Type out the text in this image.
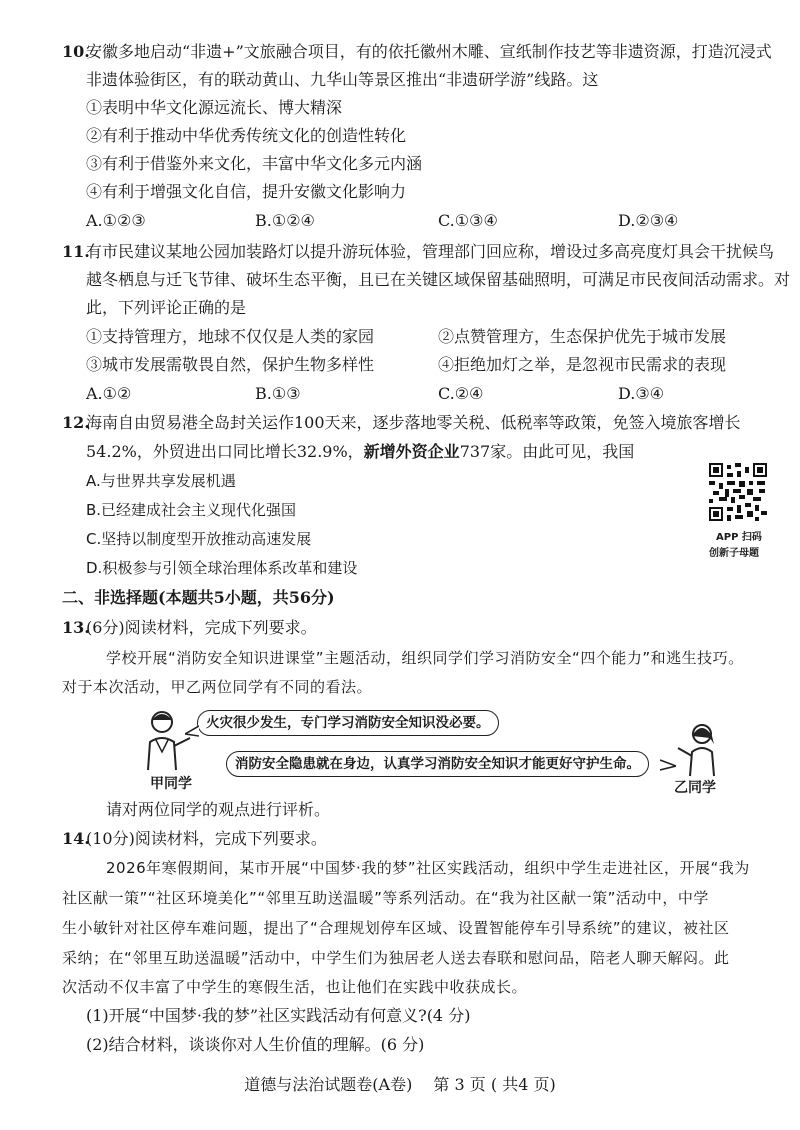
10.
安徽多地启动“非遗+”文旅融合项目，有的依托徽州木雕、宣纸制作技艺等非遗资源，打造沉浸式
非遗体验街区，有的联动黄山、九华山等景区推出“非遗研学游”线路。这
①表明中华文化源远流长、博大精深
②有利于推动中华优秀传统文化的创造性转化
③有利于借鉴外来文化，丰富中华文化多元内涵
④有利于增强文化自信，提升安徽文化影响力
A.①②③	B.①②④	C.①③④	D.②③④
11.
有市民建议某地公园加装路灯以提升游玩体验，管理部门回应称，增设过多高亮度灯具会干扰候鸟
越冬栖息与迁飞节律、破坏生态平衡，且已在关键区域保留基础照明，可满足市民夜间活动需求。对
此，下列评论正确的是
①支持管理方，地球不仅仅是人类的家园	②点赞管理方，生态保护优先于城市发展
③城市发展需敬畏自然，保护生物多样性	④拒绝加灯之举，是忽视市民需求的表现
A.①②	B.①③	C.②④	D.③④
12.
海南自由贸易港全岛封关运作100天来，逐步落地零关税、低税率等政策，免签入境旅客增长
54.2%，外贸进出口同比增长32.9%，新增外资企业737家。由此可见，我国
A.与世界共享发展机遇
B.已经建成社会主义现代化强国
C.坚持以制度型开放推动高速发展
D.积极参与引领全球治理体系改革和建设
APP 扫码
创新子母题
二、非选择题(本题共5小题，共56分)
13.
(6分)阅读材料，完成下列要求。
学校开展“消防安全知识进课堂”主题活动，组织同学们学习消防安全“四个能力”和逃生技巧。
对于本次活动，甲乙两位同学有不同的看法。
甲同学	乙同学
火灾很少发生，专门学习消防安全知识没必要。
消防安全隐患就在身边，认真学习消防安全知识才能更好守护生命。
请对两位同学的观点进行评析。
14.
(10分)阅读材料，完成下列要求。
2026年寒假期间，某市开展“中国梦·我的梦”社区实践活动，组织中学生走进社区，开展“我为
社区献一策”“社区环境美化”“邻里互助送温暖”等系列活动。在“我为社区献一策”活动中，中学
生小敏针对社区停车难问题，提出了“合理规划停车区域、设置智能停车引导系统”的建议，被社区
采纳；在“邻里互助送温暖”活动中，中学生们为独居老人送去春联和慰问品，陪老人聊天解闷。此
次活动不仅丰富了中学生的寒假生活，也让他们在实践中收获成长。
(1)开展“中国梦·我的梦”社区实践活动有何意义?(4 分)
(2)结合材料，谈谈你对人生价值的理解。(6 分)
道德与法治试题卷(A卷) 第 3 页 ( 共4 页)
